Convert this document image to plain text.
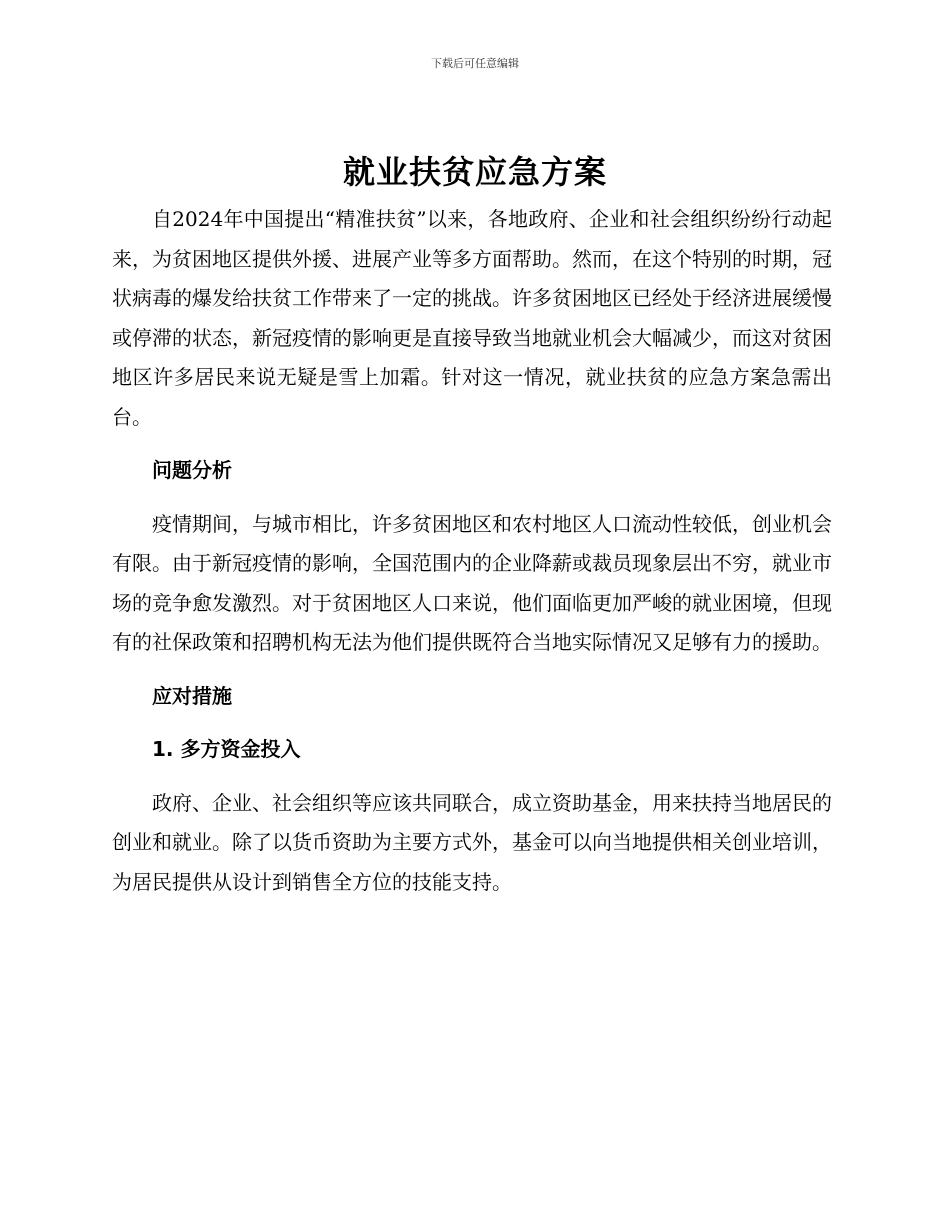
下载后可任意编辑
就业扶贫应急方案

自2024年中国提出“精准扶贫”以来，各地政府、企业和社会组织纷纷行动起来，为贫困地区提供外援、进展产业等多方面帮助。然而，在这个特别的时期，冠状病毒的爆发给扶贫工作带来了一定的挑战。许多贫困地区已经处于经济进展缓慢或停滞的状态，新冠疫情的影响更是直接导致当地就业机会大幅减少，而这对贫困地区许多居民来说无疑是雪上加霜。针对这一情况，就业扶贫的应急方案急需出台。

问题分析

疫情期间，与城市相比，许多贫困地区和农村地区人口流动性较低，创业机会有限。由于新冠疫情的影响，全国范围内的企业降薪或裁员现象层出不穷，就业市场的竞争愈发激烈。对于贫困地区人口来说，他们面临更加严峻的就业困境，但现有的社保政策和招聘机构无法为他们提供既符合当地实际情况又足够有力的援助。

应对措施

1. 多方资金投入

政府、企业、社会组织等应该共同联合，成立资助基金，用来扶持当地居民的创业和就业。除了以货币资助为主要方式外，基金可以向当地提供相关创业培训，为居民提供从设计到销售全方位的技能支持。
